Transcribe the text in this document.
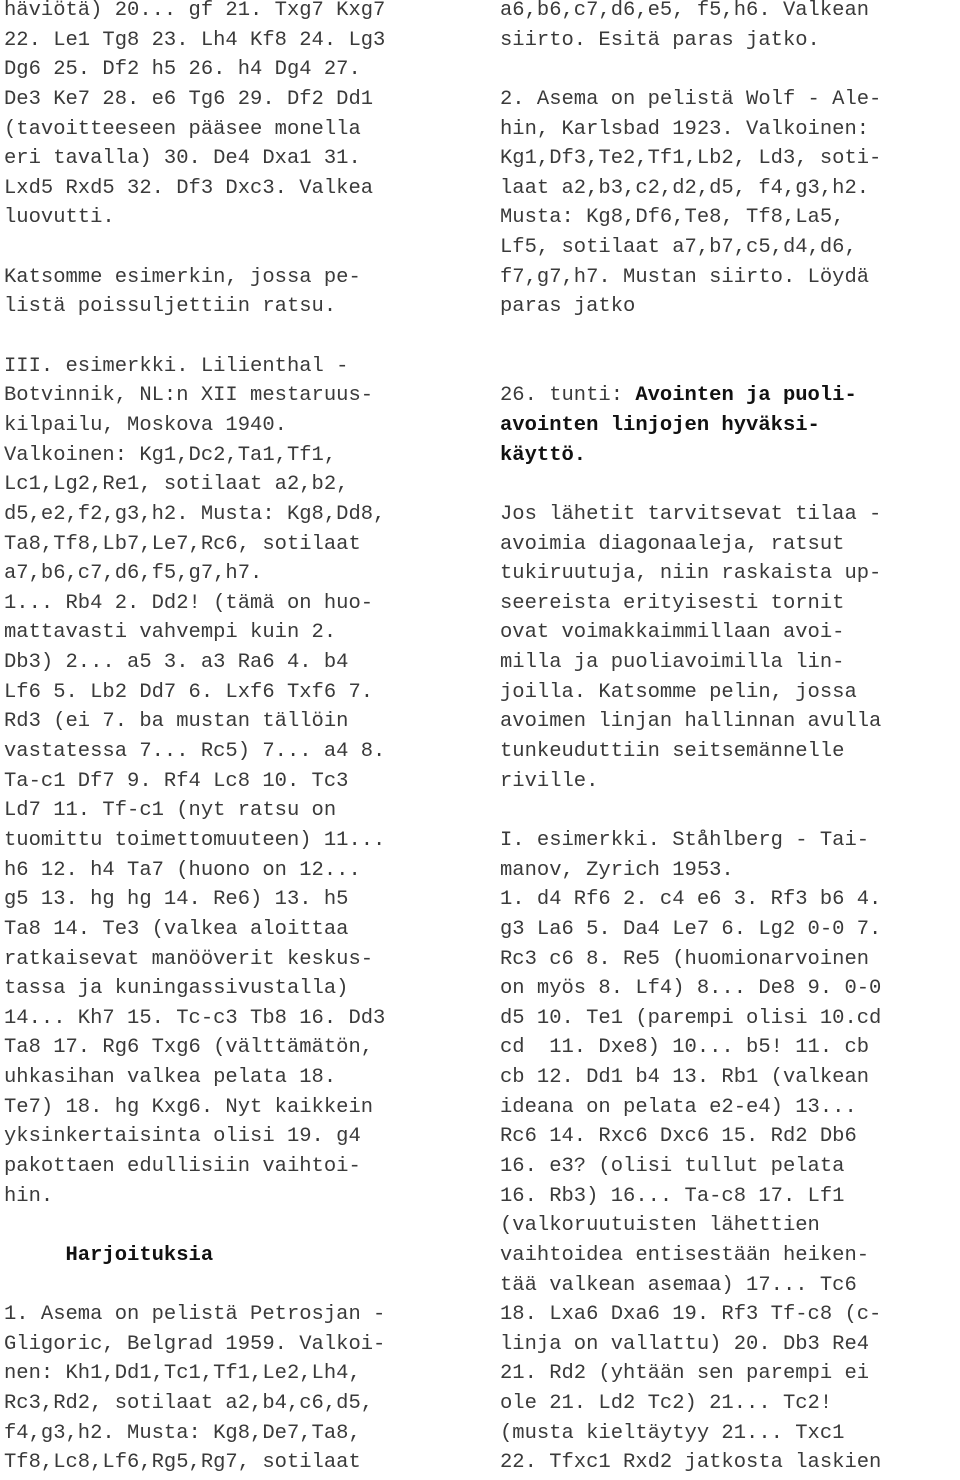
häviötä) 20... gf 21. Txg7 Kxg7
22. Le1 Tg8 23. Lh4 Kf8 24. Lg3
Dg6 25. Df2 h5 26. h4 Dg4 27.
De3 Ke7 28. e6 Tg6 29. Df2 Dd1
(tavoitteeseen pääsee monella
eri tavalla) 30. De4 Dxa1 31.
Lxd5 Rxd5 32. Df3 Dxc3. Valkea
luovutti.
Katsomme esimerkin, jossa pe-
listä poissuljettiin ratsu.
III. esimerkki. Lilienthal -
Botvinnik, NL:n XII mestaruus-
kilpailu, Moskova 1940.
Valkoinen: Kg1,Dc2,Ta1,Tf1,
Lc1,Lg2,Re1, sotilaat a2,b2,
d5,e2,f2,g3,h2. Musta: Kg8,Dd8,
Ta8,Tf8,Lb7,Le7,Rc6, sotilaat
a7,b6,c7,d6,f5,g7,h7.
1... Rb4 2. Dd2! (tämä on huo-
mattavasti vahvempi kuin 2.
Db3) 2... a5 3. a3 Ra6 4. b4
Lf6 5. Lb2 Dd7 6. Lxf6 Txf6 7.
Rd3 (ei 7. ba mustan tällöin
vastatessa 7... Rc5) 7... a4 8.
Ta-c1 Df7 9. Rf4 Lc8 10. Tc3
Ld7 11. Tf-c1 (nyt ratsu on
tuomittu toimettomuuteen) 11...
h6 12. h4 Ta7 (huono on 12...
g5 13. hg hg 14. Re6) 13. h5
Ta8 14. Te3 (valkea aloittaa
ratkaisevat manööverit keskus-
tassa ja kuningassivustalla)
14... Kh7 15. Tc-c3 Tb8 16. Dd3
Ta8 17. Rg6 Txg6 (välttämätön,
uhkasihan valkea pelata 18.
Te7) 18. hg Kxg6. Nyt kaikkein
yksinkertaisinta olisi 19. g4
pakottaen edullisiin vaihtoi-
hin.
Harjoituksia
1. Asema on pelistä Petrosjan -
Gligoric, Belgrad 1959. Valkoi-
nen: Kh1,Dd1,Tc1,Tf1,Le2,Lh4,
Rc3,Rd2, sotilaat a2,b4,c6,d5,
f4,g3,h2. Musta: Kg8,De7,Ta8,
Tf8,Lc8,Lf6,Rg5,Rg7, sotilaat
a6,b6,c7,d6,e5, f5,h6. Valkean
siirto. Esitä paras jatko.
2. Asema on pelistä Wolf - Ale-
hin, Karlsbad 1923. Valkoinen:
Kg1,Df3,Te2,Tf1,Lb2, Ld3, soti-
laat a2,b3,c2,d2,d5, f4,g3,h2.
Musta: Kg8,Df6,Te8, Tf8,La5,
Lf5, sotilaat a7,b7,c5,d4,d6,
f7,g7,h7. Mustan siirto. Löydä
paras jatko
26. tunti: Avointen ja puoli-
avointen linjojen hyväksi-
käyttö.
Jos lähetit tarvitsevat tilaa -
avoimia diagonaaleja, ratsut
tukiruutuja, niin raskaista up-
seereista erityisesti tornit
ovat voimakkaimmillaan avoi-
milla ja puoliavoimilla lin-
joilla. Katsomme pelin, jossa
avoimen linjan hallinnan avulla
tunkeuduttiin seitsemännelle
riville.
I. esimerkki. Ståhlberg - Tai-
manov, Zyrich 1953.
1. d4 Rf6 2. c4 e6 3. Rf3 b6 4.
g3 La6 5. Da4 Le7 6. Lg2 0-0 7.
Rc3 c6 8. Re5 (huomionarvoinen
on myös 8. Lf4) 8... De8 9. 0-0
d5 10. Te1 (parempi olisi 10.cd
cd  11. Dxe8) 10... b5! 11. cb
cb 12. Dd1 b4 13. Rb1 (valkean
ideana on pelata e2-e4) 13...
Rc6 14. Rxc6 Dxc6 15. Rd2 Db6
16. e3? (olisi tullut pelata
16. Rb3) 16... Ta-c8 17. Lf1
(valkoruutuisten lähettien
vaihtoidea entisestään heiken-
tää valkean asemaa) 17... Tc6
18. Lxa6 Dxa6 19. Rf3 Tf-c8 (c-
linja on vallattu) 20. Db3 Re4
21. Rd2 (yhtään sen parempi ei
ole 21. Ld2 Tc2) 21... Tc2!
(musta kieltäytyy 21... Txc1
22. Tfxc1 Rxd2 jatkosta laskien
